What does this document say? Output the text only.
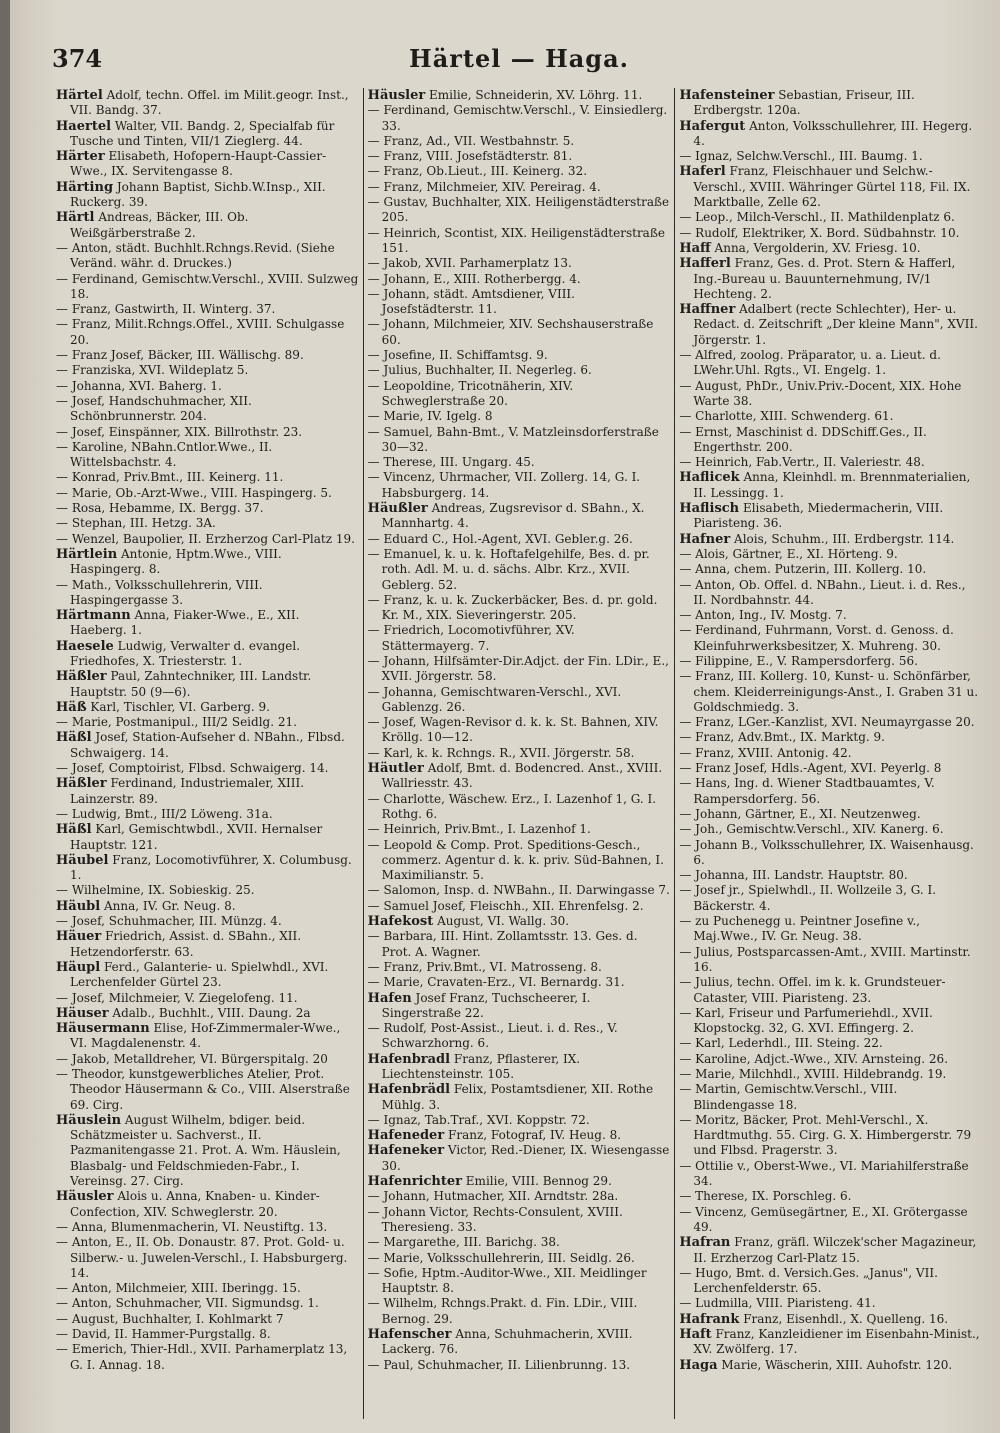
374	Härtel — Haga.
Härtel Adolf, techn. Offel. im Milit.geogr. Inst., VII. Bandg. 37.
Haertel Walter, VII. Bandg. 2, Specialfab für Tusche und Tinten, VII/1 Zieglerg. 44.
Härter Elisabeth, Hofopern-Haupt-Cassier-Wwe., IX. Servitengasse 8.
Härting Johann Baptist, Sichb.W.Insp., XII. Ruckerg. 39.
Härtl Andreas, Bäcker, III. Ob. Weißgärberstraße 2.
— Anton, städt. Buchhlt.Rchngs.Revid. (Siehe Veränd. währ. d. Druckes.)
— Ferdinand, Gemischtw.Verschl., XVIII. Sulzweg 18.
— Franz, Gastwirth, II. Winterg. 37.
— Franz, Milit.Rchngs.Offel., XVIII. Schulgasse 20.
— Franz Josef, Bäcker, III. Wällischg. 89.
— Franziska, XVI. Wildeplatz 5.
— Johanna, XVI. Baherg. 1.
— Josef, Handschuhmacher, XII. Schönbrunnerstr. 204.
— Josef, Einspänner, XIX. Billrothstr. 23.
— Karoline, NBahn.Cntlor.Wwe., II. Wittelsbachstr. 4.
— Konrad, Priv.Bmt., III. Keinerg. 11.
— Marie, Ob.-Arzt-Wwe., VIII. Haspingerg. 5.
— Rosa, Hebamme, IX. Bergg. 37.
— Stephan, III. Hetzg. 3A.
— Wenzel, Baupolier, II. Erzherzog Carl-Platz 19.
Härtlein Antonie, Hptm.Wwe., VIII. Haspingerg. 8.
— Math., Volksschullehrerin, VIII. Haspingergasse 3.
Härtmann Anna, Fiaker-Wwe., E., XII. Haeberg. 1.
Haesele Ludwig, Verwalter d. evangel. Friedhofes, X. Triesterstr. 1.
Häßler Paul, Zahntechniker, III. Landstr. Hauptstr. 50 (9—6).
Häß Karl, Tischler, VI. Garberg. 9.
— Marie, Postmanipul., III/2 Seidlg. 21.
Häßl Josef, Station-Aufseher d. NBahn., Flbsd. Schwaigerg. 14.
— Josef, Comptoirist, Flbsd. Schwaigerg. 14.
Häßler Ferdinand, Industriemaler, XIII. Lainzerstr. 89.
— Ludwig, Bmt., III/2 Löweng. 31a.
Häßl Karl, Gemischtwbdl., XVII. Hernalser Hauptstr. 121.
Häubel Franz, Locomotivführer, X. Columbusg. 1.
— Wilhelmine, IX. Sobieskig. 25.
Häubl Anna, IV. Gr. Neug. 8.
— Josef, Schuhmacher, III. Münzg. 4.
Häuer Friedrich, Assist. d. SBahn., XII. Hetzendorferstr. 63.
Häupl Ferd., Galanterie- u. Spielwhdl., XVI. Lerchenfelder Gürtel 23.
— Josef, Milchmeier, V. Ziegelofeng. 11.
Häuser Adalb., Buchhlt., VIII. Daung. 2a
Häusermann Elise, Hof-Zimmermaler-Wwe., VI. Magdalenenstr. 4.
— Jakob, Metalldreher, VI. Bürgerspitalg. 20
— Theodor, kunstgewerbliches Atelier, Prot. Theodor Häusermann & Co., VIII. Alserstraße 69. Cirg.
Häuslein August Wilhelm, bdiger. beid. Schätzmeister u. Sachverst., II. Pazmanitengasse 21. Prot. A. Wm. Häuslein, Blasbalg- und Feldschmieden-Fabr., I. Vereinsg. 27. Cirg.
Häusler Alois u. Anna, Knaben- u. Kinder-Confection, XIV. Schweglerstr. 20.
— Anna, Blumenmacherin, VI. Neustiftg. 13.
— Anton, E., II. Ob. Donaustr. 87. Prot. Gold- u. Silberw.- u. Juwelen-Verschl., I. Habsburgerg. 14.
— Anton, Milchmeier, XIII. Iberingg. 15.
— Anton, Schuhmacher, VII. Sigmundsg. 1.
— August, Buchhalter, I. Kohlmarkt 7
— David, II. Hammer-Purgstallg. 8.
— Emerich, Thier-Hdl., XVII. Parhamerplatz 13, G. I. Annag. 18.
Häusler Emilie, Schneiderin, XV. Löhrg. 11.
— Ferdinand, Gemischtw.Verschl., V. Einsiedlerg. 33.
— Franz, Ad., VII. Westbahnstr. 5.
— Franz, VIII. Josefstädterstr. 81.
— Franz, Ob.Lieut., III. Keinerg. 32.
— Franz, Milchmeier, XIV. Pereirag. 4.
— Gustav, Buchhalter, XIX. Heiligenstädterstraße 205.
— Heinrich, Scontist, XIX. Heiligenstädterstraße 151.
— Jakob, XVII. Parhamerplatz 13.
— Johann, E., XIII. Rotherbergg. 4.
— Johann, städt. Amtsdiener, VIII. Josefstädterstr. 11.
— Johann, Milchmeier, XIV. Sechshauserstraße 60.
— Josefine, II. Schiffamtsg. 9.
— Julius, Buchhalter, II. Negerleg. 6.
— Leopoldine, Tricotnäherin, XIV. Schweglerstraße 20.
— Marie, IV. Igelg. 8
— Samuel, Bahn-Bmt., V. Matzleinsdorferstraße 30—32.
— Therese, III. Ungarg. 45.
— Vincenz, Uhrmacher, VII. Zollerg. 14, G. I. Habsburgerg. 14.
Häußler Andreas, Zugsrevisor d. SBahn., X. Mannhartg. 4.
— Eduard C., Hol.-Agent, XVI. Gebler.g. 26.
— Emanuel, k. u. k. Hoftafelgehilfe, Bes. d. pr. roth. Adl. M. u. d. sächs. Albr. Krz., XVII. Geblerg. 52.
— Franz, k. u. k. Zuckerbäcker, Bes. d. pr. gold. Kr. M., XIX. Sieveringerstr. 205.
— Friedrich, Locomotivführer, XV. Stättermayerg. 7.
— Johann, Hilfsämter-Dir.Adjct. der Fin. LDir., E., XVII. Jörgerstr. 58.
— Johanna, Gemischtwaren-Verschl., XVI. Gablenzg. 26.
— Josef, Wagen-Revisor d. k. k. St. Bahnen, XIV. Kröllg. 10—12.
— Karl, k. k. Rchngs. R., XVII. Jörgerstr. 58.
Häutler Adolf, Bmt. d. Bodencred. Anst., XVIII. Wallriesstr. 43.
— Charlotte, Wäschew. Erz., I. Lazenhof 1, G. I. Rothg. 6.
— Heinrich, Priv.Bmt., I. Lazenhof 1.
— Leopold & Comp. Prot. Speditions-Gesch., commerz. Agentur d. k. k. priv. Süd-Bahnen, I. Maximilianstr. 5.
— Salomon, Insp. d. NWBahn., II. Darwingasse 7.
— Samuel Josef, Fleischh., XII. Ehrenfelsg. 2.
Hafekost August, VI. Wallg. 30.
— Barbara, III. Hint. Zollamtsstr. 13. Ges. d. Prot. A. Wagner.
— Franz, Priv.Bmt., VI. Matrosseng. 8.
— Marie, Cravaten-Erz., VI. Bernardg. 31.
Hafen Josef Franz, Tuchscheerer, I. Singerstraße 22.
— Rudolf, Post-Assist., Lieut. i. d. Res., V. Schwarzhorng. 6.
Hafenbradl Franz, Pflasterer, IX. Liechtensteinstr. 105.
Hafenbrädl Felix, Postamtsdiener, XII. Rothe Mühlg. 3.
— Ignaz, Tab.Traf., XVI. Koppstr. 72.
Hafeneder Franz, Fotograf, IV. Heug. 8.
Hafeneker Victor, Red.-Diener, IX. Wiesengasse 30.
Hafenrichter Emilie, VIII. Bennog 29.
— Johann, Hutmacher, XII. Arndtstr. 28a.
— Johann Victor, Rechts-Consulent, XVIII. Theresieng. 33.
— Margarethe, III. Barichg. 38.
— Marie, Volksschullehrerin, III. Seidlg. 26.
— Sofie, Hptm.-Auditor-Wwe., XII. Meidlinger Hauptstr. 8.
— Wilhelm, Rchngs.Prakt. d. Fin. LDir., VIII. Bernog. 29.
Hafenscher Anna, Schuhmacherin, XVIII. Lackerg. 76.
— Paul, Schuhmacher, II. Lilienbrunng. 13.
Hafensteiner Sebastian, Friseur, III. Erdbergstr. 120a.
Hafergut Anton, Volksschullehrer, III. Hegerg. 4.
— Ignaz, Selchw.Verschl., III. Baumg. 1.
Haferl Franz, Fleischhauer und Selchw.-Verschl., XVIII. Währinger Gürtel 118, Fil. IX. Marktballe, Zelle 62.
— Leop., Milch-Verschl., II. Mathildenplatz 6.
— Rudolf, Elektriker, X. Bord. Südbahnstr. 10.
Haff Anna, Vergolderin, XV. Friesg. 10.
Hafferl Franz, Ges. d. Prot. Stern & Hafferl, Ing.-Bureau u. Bauunternehmung, IV/1 Hechteng. 2.
Haffner Adalbert (recte Schlechter), Her- u. Redact. d. Zeitschrift „Der kleine Mann", XVII. Jörgerstr. 1.
— Alfred, zoolog. Präparator, u. a. Lieut. d. LWehr.Uhl. Rgts., VI. Engelg. 1.
— August, PhDr., Univ.Priv.-Docent, XIX. Hohe Warte 38.
— Charlotte, XIII. Schwenderg. 61.
— Ernst, Maschinist d. DDSchiff.Ges., II. Engerthstr. 200.
— Heinrich, Fab.Vertr., II. Valeriestr. 48.
Haflicek Anna, Kleinhdl. m. Brennmaterialien, II. Lessingg. 1.
Haflisch Elisabeth, Miedermacherin, VIII. Piaristeng. 36.
Hafner Alois, Schuhm., III. Erdbergstr. 114.
— Alois, Gärtner, E., XI. Hörteng. 9.
— Anna, chem. Putzerin, III. Kollerg. 10.
— Anton, Ob. Offel. d. NBahn., Lieut. i. d. Res., II. Nordbahnstr. 44.
— Anton, Ing., IV. Mostg. 7.
— Ferdinand, Fuhrmann, Vorst. d. Genoss. d. Kleinfuhrwerksbesitzer, X. Muhreng. 30.
— Filippine, E., V. Rampersdorferg. 56.
— Franz, III. Kollerg. 10, Kunst- u. Schönfärber, chem. Kleiderreinigungs-Anst., I. Graben 31 u. Goldschmiedg. 3.
— Franz, LGer.-Kanzlist, XVI. Neumayrgasse 20.
— Franz, Adv.Bmt., IX. Marktg. 9.
— Franz, XVIII. Antonig. 42.
— Franz Josef, Hdls.-Agent, XVI. Peyerlg. 8
— Hans, Ing. d. Wiener Stadtbauamtes, V. Rampersdorferg. 56.
— Johann, Gärtner, E., XI. Neutzenweg.
— Joh., Gemischtw.Verschl., XIV. Kanerg. 6.
— Johann B., Volksschullehrer, IX. Waisenhausg. 6.
— Johanna, III. Landstr. Hauptstr. 80.
— Josef jr., Spielwhdl., II. Wollzeile 3, G. I. Bäckerstr. 4.
— zu Puchenegg u. Peintner Josefine v., Maj.Wwe., IV. Gr. Neug. 38.
— Julius, Postsparcassen-Amt., XVIII. Martinstr. 16.
— Julius, techn. Offel. im k. k. Grundsteuer-Cataster, VIII. Piaristeng. 23.
— Karl, Friseur und Parfumeriehdl., XVII. Klopstockg. 32, G. XVI. Effingerg. 2.
— Karl, Lederhdl., III. Steing. 22.
— Karoline, Adjct.-Wwe., XIV. Arnsteing. 26.
— Marie, Milchhdl., XVIII. Hildebrandg. 19.
— Martin, Gemischtw.Verschl., VIII. Blindengasse 18.
— Moritz, Bäcker, Prot. Mehl-Verschl., X. Hardtmuthg. 55. Cirg. G. X. Himbergerstr. 79 und Flbsd. Pragerstr. 3.
— Ottilie v., Oberst-Wwe., VI. Mariahilferstraße 34.
— Therese, IX. Porschleg. 6.
— Vincenz, Gemüsegärtner, E., XI. Grötergasse 49.
Hafran Franz, gräfl. Wilczek'scher Magazineur, II. Erzherzog Carl-Platz 15.
— Hugo, Bmt. d. Versich.Ges. „Janus", VII. Lerchenfelderstr. 65.
— Ludmilla, VIII. Piaristeng. 41.
Hafrank Franz, Eisenhdl., X. Quelleng. 16.
Haft Franz, Kanzleidiener im Eisenbahn-Minist., XV. Zwölferg. 17.
Haga Marie, Wäscherin, XIII. Auhofstr. 120.
